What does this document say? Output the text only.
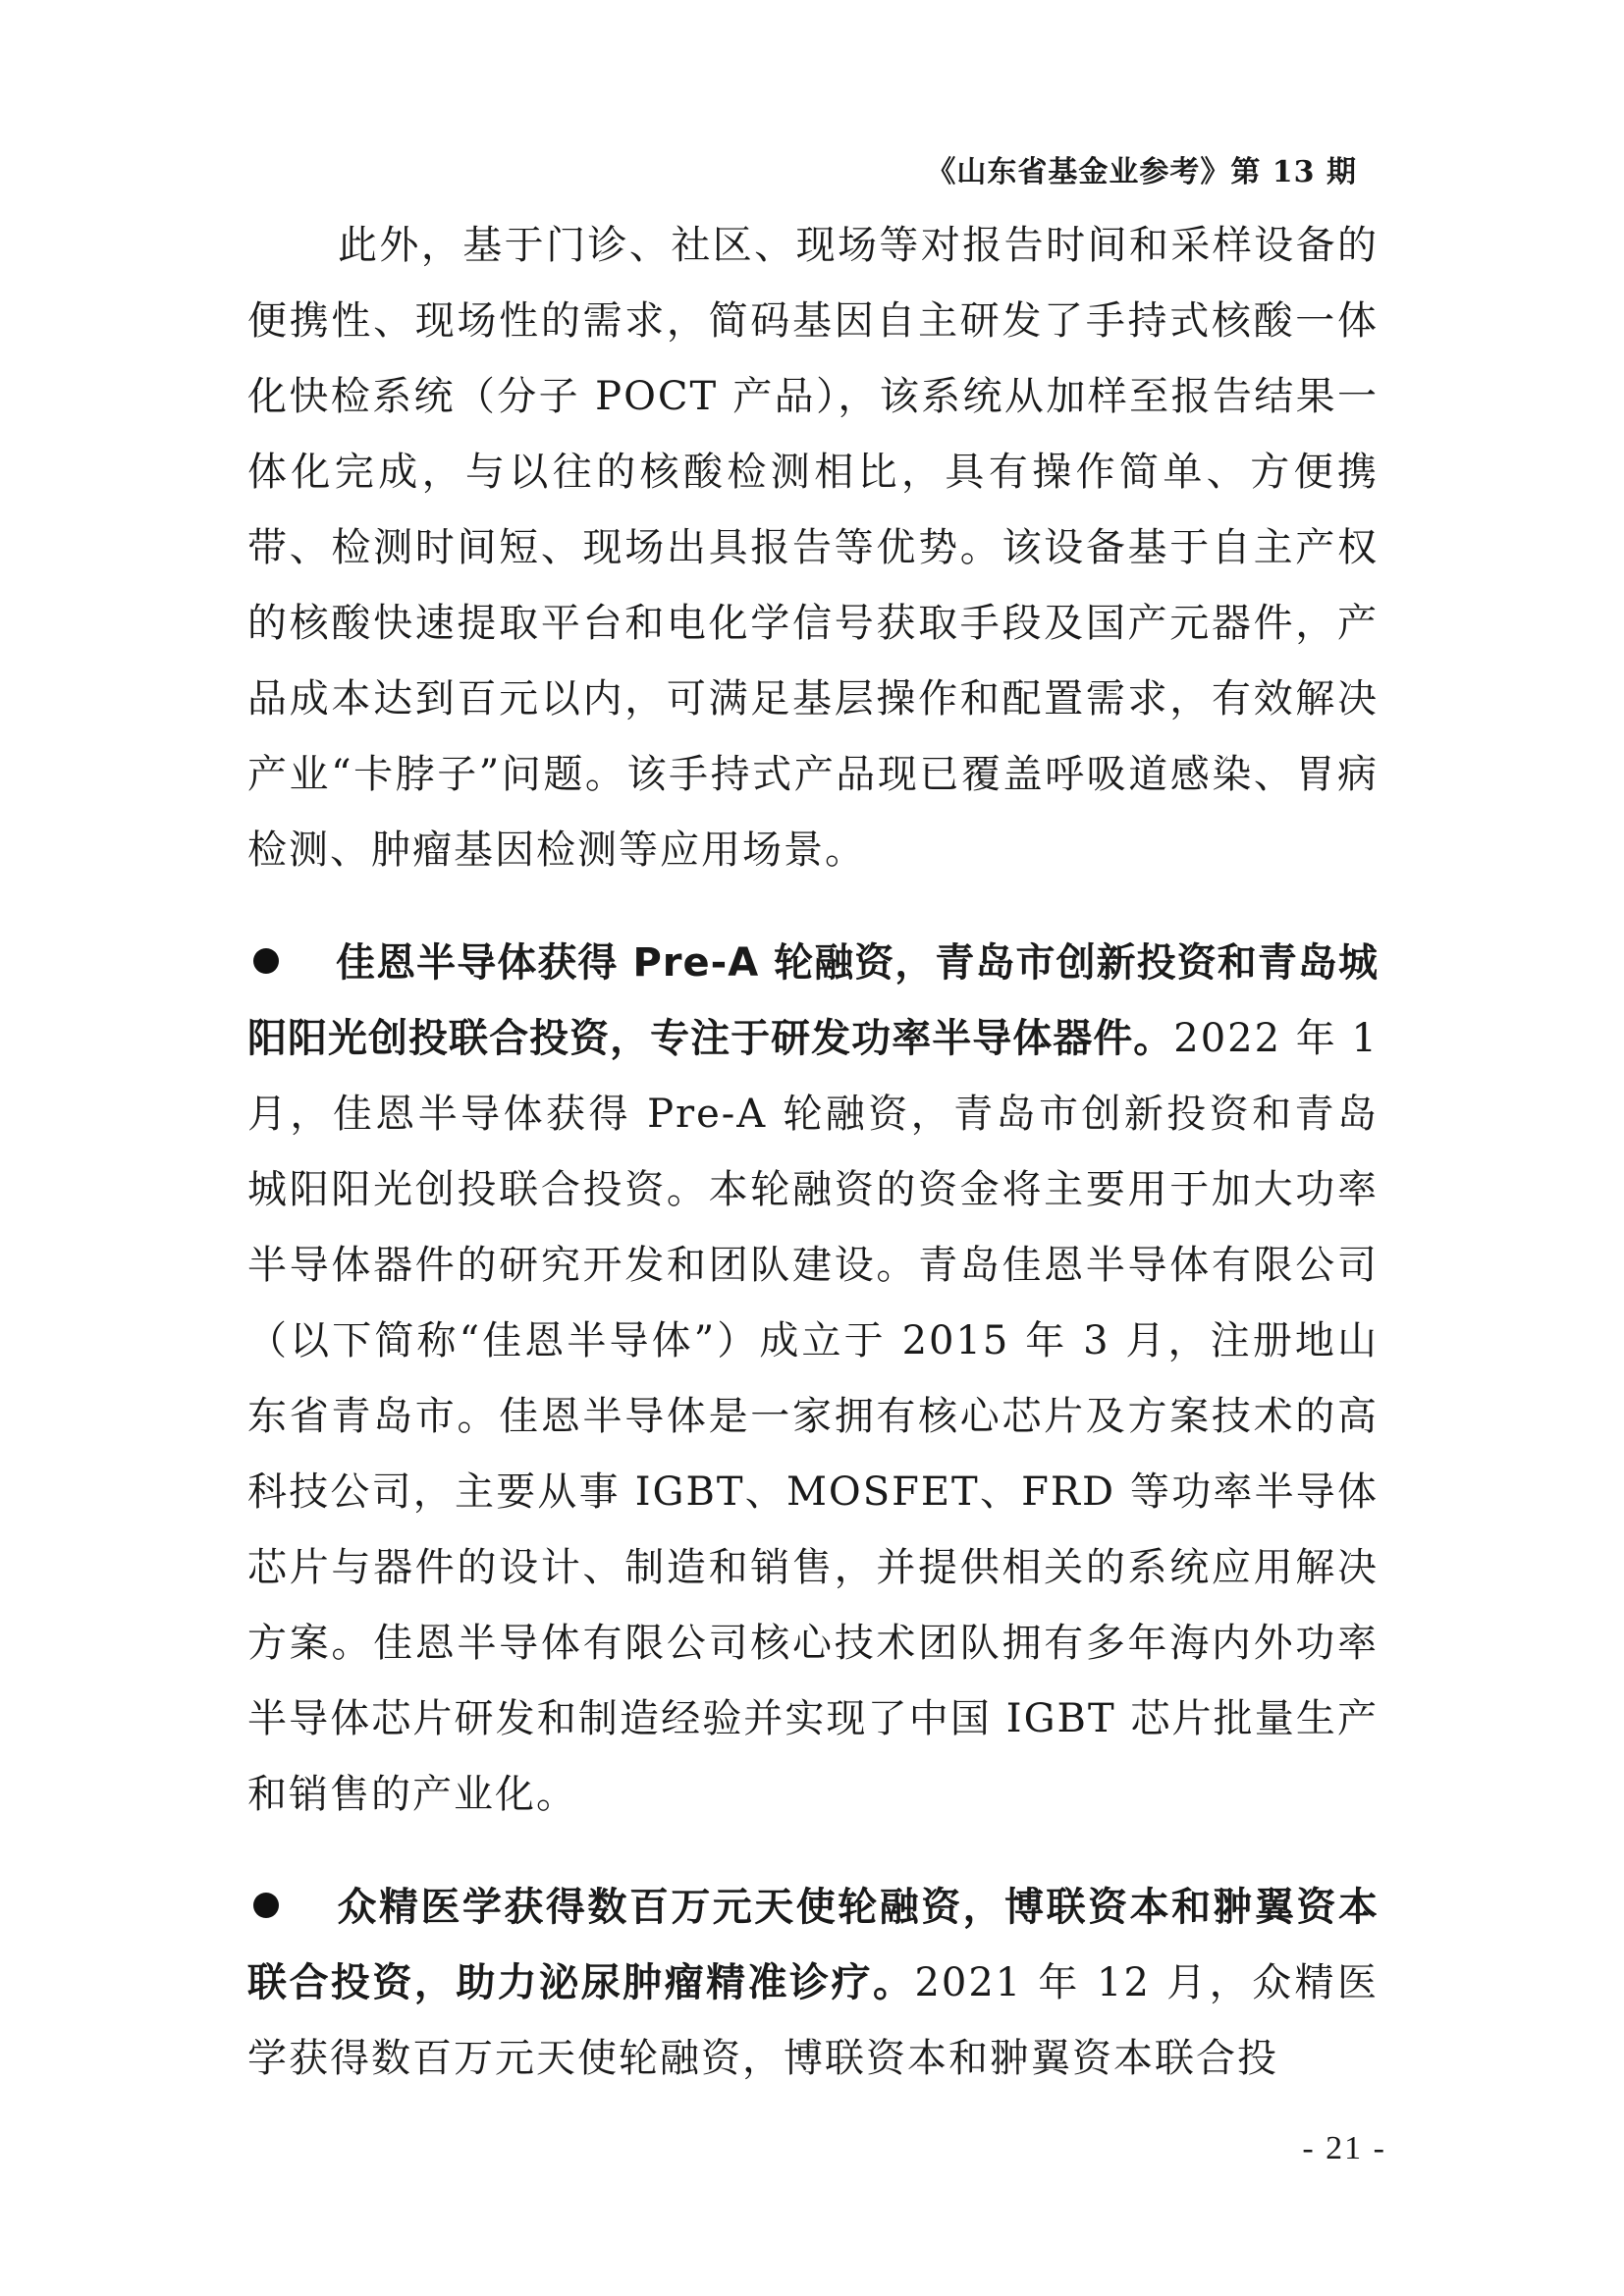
《山东省基金业参考》第 13 期

此外，基于门诊、社区、现场等对报告时间和采样设备的便携性、现场性的需求，简码基因自主研发了手持式核酸一体化快检系统（分子 POCT 产品），该系统从加样至报告结果一体化完成，与以往的核酸检测相比，具有操作简单、方便携带、检测时间短、现场出具报告等优势。该设备基于自主产权的核酸快速提取平台和电化学信号获取手段及国产元器件，产品成本达到百元以内，可满足基层操作和配置需求，有效解决产业“卡脖子”问题。该手持式产品现已覆盖呼吸道感染、胃病检测、肿瘤基因检测等应用场景。

佳恩半导体获得 Pre-A 轮融资，青岛市创新投资和青岛城阳阳光创投联合投资，专注于研发功率半导体器件。2022 年 1 月，佳恩半导体获得 Pre-A 轮融资，青岛市创新投资和青岛城阳阳光创投联合投资。本轮融资的资金将主要用于加大功率半导体器件的研究开发和团队建设。青岛佳恩半导体有限公司（以下简称“佳恩半导体”）成立于 2015 年 3 月，注册地山东省青岛市。佳恩半导体是一家拥有核心芯片及方案技术的高科技公司，主要从事 IGBT、MOSFET、FRD 等功率半导体芯片与器件的设计、制造和销售，并提供相关的系统应用解决方案。佳恩半导体有限公司核心技术团队拥有多年海内外功率半导体芯片研发和制造经验并实现了中国 IGBT 芯片批量生产和销售的产业化。

众精医学获得数百万元天使轮融资，博联资本和翀翼资本联合投资，助力泌尿肿瘤精准诊疗。2021 年 12 月，众精医学获得数百万元天使轮融资，博联资本和翀翼资本联合投

- 21 -
